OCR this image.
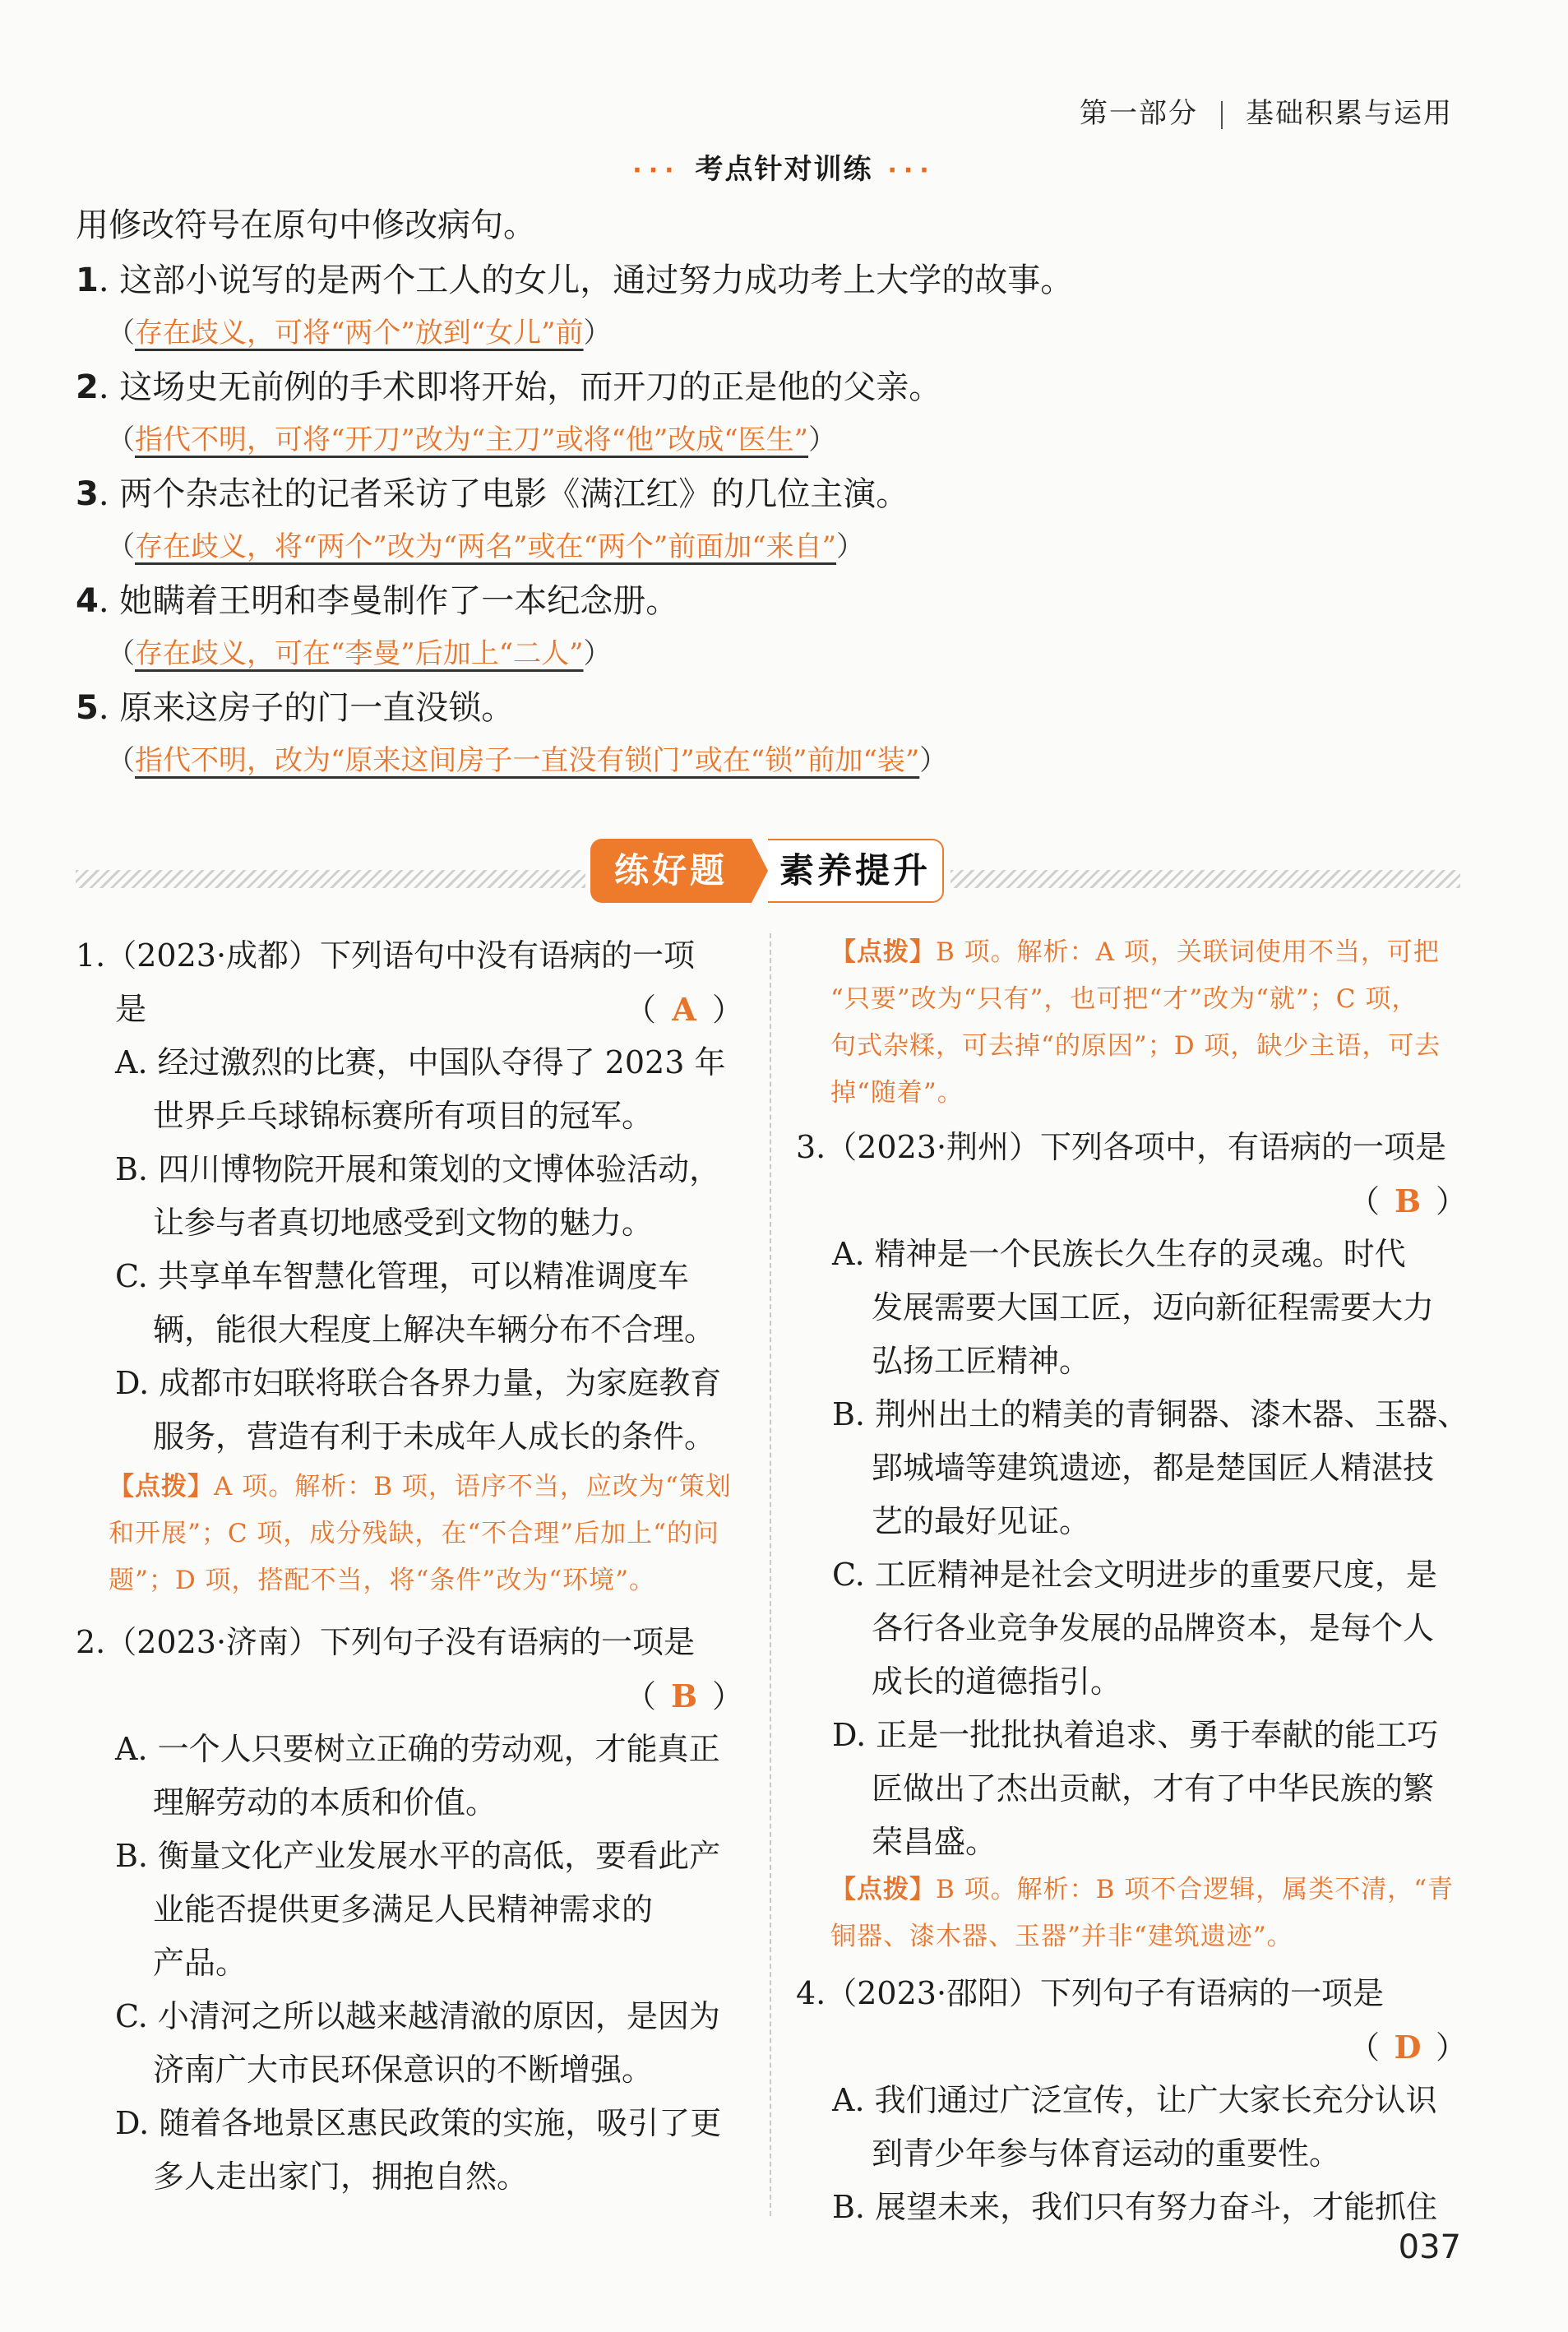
第一部分 基础积累与运用
··· 考点针对训练 ···
用修改符号在原句中修改病句。
1. 这部小说写的是两个工人的女儿，通过努力成功考上大学的故事。
（存在歧义，可将“两个”放到“女儿”前）
2. 这场史无前例的手术即将开始，而开刀的正是他的父亲。
（指代不明，可将“开刀”改为“主刀”或将“他”改成“医生”）
3. 两个杂志社的记者采访了电影《满江红》的几位主演。
（存在歧义，将“两个”改为“两名”或在“两个”前面加“来自”）
4. 她瞒着王明和李曼制作了一本纪念册。
（存在歧义，可在“李曼”后加上“二人”）
5. 原来这房子的门一直没锁。
（指代不明，改为“原来这间房子一直没有锁门”或在“锁”前加“装”）
练好题	素养提升
1.（2023·成都）下列语句中没有语病的一项
是	（ A ）
A. 经过激烈的比赛，中国队夺得了 2023 年
世界乒乓球锦标赛所有项目的冠军。
B. 四川博物院开展和策划的文博体验活动，
让参与者真切地感受到文物的魅力。
C. 共享单车智慧化管理，可以精准调度车
辆，能很大程度上解决车辆分布不合理。
D. 成都市妇联将联合各界力量，为家庭教育
服务，营造有利于未成年人成长的条件。
【点拨】A 项。解析：B 项，语序不当，应改为“策划
和开展”；C 项，成分残缺，在“不合理”后加上“的问
题”；D 项，搭配不当，将“条件”改为“环境”。
2.（2023·济南）下列句子没有语病的一项是
（ B ）
A. 一个人只要树立正确的劳动观，才能真正
理解劳动的本质和价值。
B. 衡量文化产业发展水平的高低，要看此产
业能否提供更多满足人民精神需求的
产品。
C. 小清河之所以越来越清澈的原因，是因为
济南广大市民环保意识的不断增强。
D. 随着各地景区惠民政策的实施，吸引了更
多人走出家门，拥抱自然。
【点拨】B 项。解析：A 项，关联词使用不当，可把
“只要”改为“只有”，也可把“才”改为“就”；C 项，
句式杂糅，可去掉“的原因”；D 项，缺少主语，可去
掉“随着”。
3.（2023·荆州）下列各项中，有语病的一项是
（ B ）
A. 精神是一个民族长久生存的灵魂。时代
发展需要大国工匠，迈向新征程需要大力
弘扬工匠精神。
B. 荆州出土的精美的青铜器、漆木器、玉器、
郢城墙等建筑遗迹，都是楚国匠人精湛技
艺的最好见证。
C. 工匠精神是社会文明进步的重要尺度，是
各行各业竞争发展的品牌资本，是每个人
成长的道德指引。
D. 正是一批批执着追求、勇于奉献的能工巧
匠做出了杰出贡献，才有了中华民族的繁
荣昌盛。
【点拨】B 项。解析：B 项不合逻辑，属类不清，“青
铜器、漆木器、玉器”并非“建筑遗迹”。
4.（2023·邵阳）下列句子有语病的一项是
（ D ）
A. 我们通过广泛宣传，让广大家长充分认识
到青少年参与体育运动的重要性。
B. 展望未来，我们只有努力奋斗，才能抓住
037
